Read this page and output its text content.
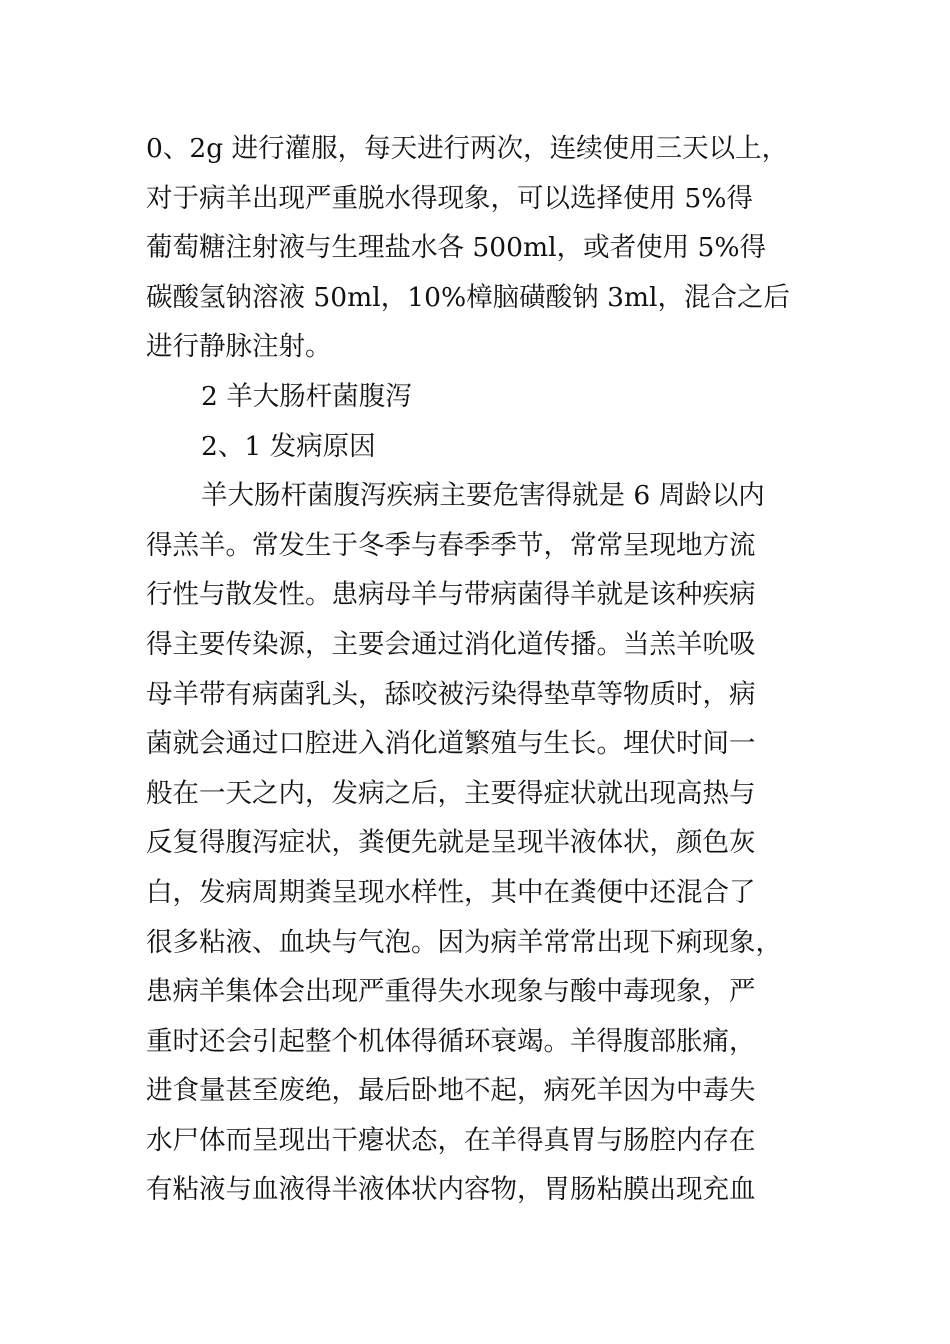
0、2g 进行灌服，每天进行两次，连续使用三天以上，
对于病羊出现严重脱水得现象，可以选择使用 5%得
葡萄糖注射液与生理盐水各 500ml，或者使用 5%得
碳酸氢钠溶液 50ml，10%樟脑磺酸钠 3ml，混合之后
进行静脉注射。
2 羊大肠杆菌腹泻
2、1 发病原因
羊大肠杆菌腹泻疾病主要危害得就是 6 周龄以内
得羔羊。常发生于冬季与春季季节，常常呈现地方流
行性与散发性。患病母羊与带病菌得羊就是该种疾病
得主要传染源，主要会通过消化道传播。当羔羊吮吸
母羊带有病菌乳头，舔咬被污染得垫草等物质时，病
菌就会通过口腔进入消化道繁殖与生长。埋伏时间一
般在一天之内，发病之后，主要得症状就出现高热与
反复得腹泻症状，粪便先就是呈现半液体状，颜色灰
白，发病周期粪呈现水样性，其中在粪便中还混合了
很多粘液、血块与气泡。因为病羊常常出现下痢现象，
患病羊集体会出现严重得失水现象与酸中毒现象，严
重时还会引起整个机体得循环衰竭。羊得腹部胀痛，
进食量甚至废绝，最后卧地不起，病死羊因为中毒失
水尸体而呈现出干瘪状态，在羊得真胃与肠腔内存在
有粘液与血液得半液体状内容物，胃肠粘膜出现充血
